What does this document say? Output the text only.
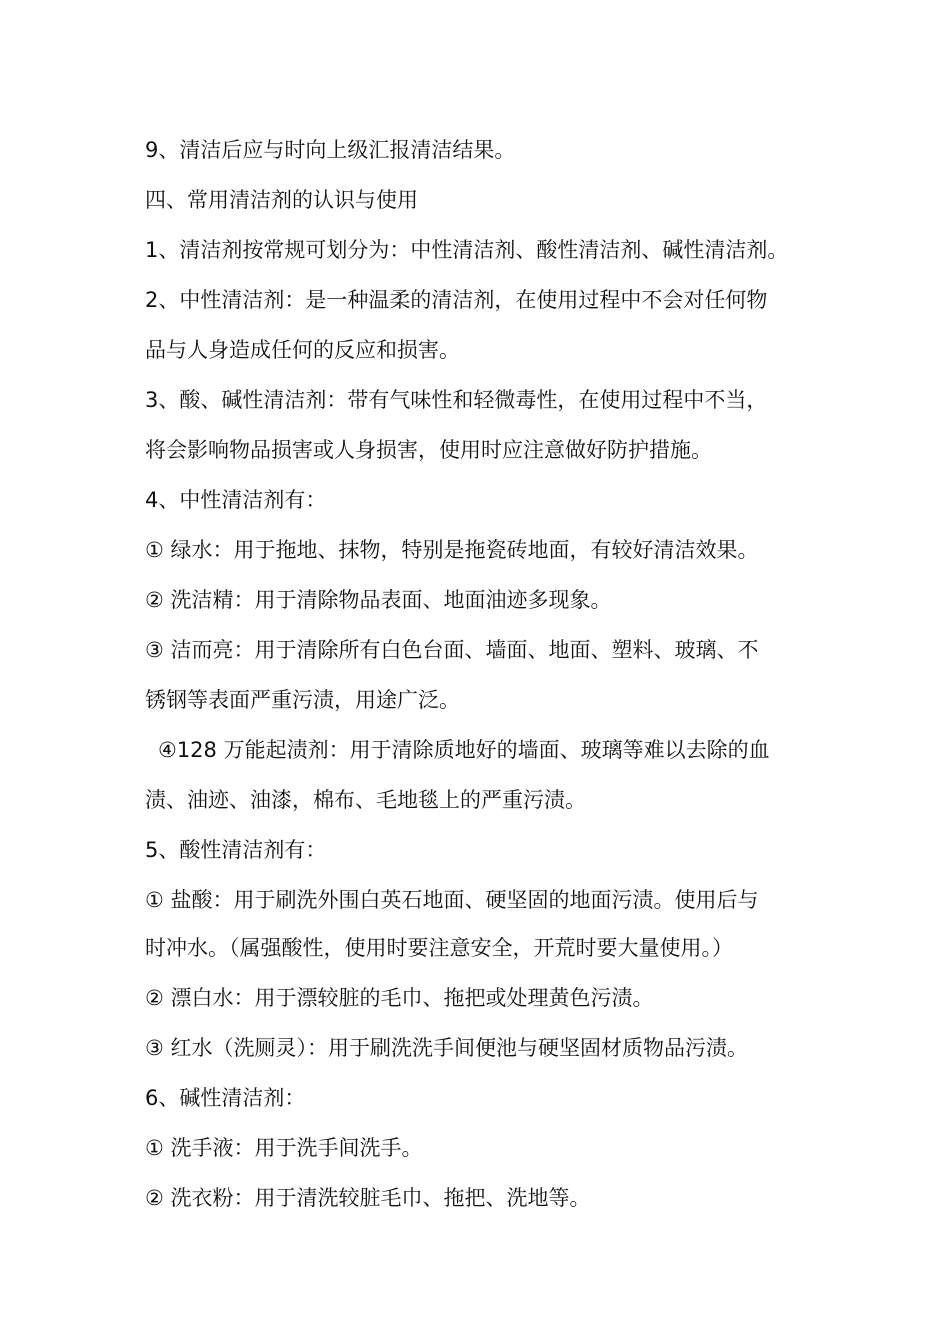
9、清洁后应与时向上级汇报清洁结果。
四、常用清洁剂的认识与使用
1、清洁剂按常规可划分为：中性清洁剂、酸性清洁剂、碱性清洁剂。
2、中性清洁剂：是一种温柔的清洁剂，在使用过程中不会对任何物
品与人身造成任何的反应和损害。
3、酸、碱性清洁剂：带有气味性和轻微毒性，在使用过程中不当，
将会影响物品损害或人身损害，使用时应注意做好防护措施。
4、中性清洁剂有：
① 绿水：用于拖地、抹物，特别是拖瓷砖地面，有较好清洁效果。
② 洗洁精：用于清除物品表面、地面油迹多现象。
③ 洁而亮：用于清除所有白色台面、墙面、地面、塑料、玻璃、不
锈钢等表面严重污渍，用途广泛。
④128 万能起渍剂：用于清除质地好的墙面、玻璃等难以去除的血
渍、油迹、油漆，棉布、毛地毯上的严重污渍。
5、酸性清洁剂有：
① 盐酸：用于刷洗外围白英石地面、硬坚固的地面污渍。使用后与
时冲水。（属强酸性，使用时要注意安全，开荒时要大量使用。）
② 漂白水：用于漂较脏的毛巾、拖把或处理黄色污渍。
③ 红水（洗厕灵）：用于刷洗洗手间便池与硬坚固材质物品污渍。
6、碱性清洁剂：
① 洗手液：用于洗手间洗手。
② 洗衣粉：用于清洗较脏毛巾、拖把、洗地等。
